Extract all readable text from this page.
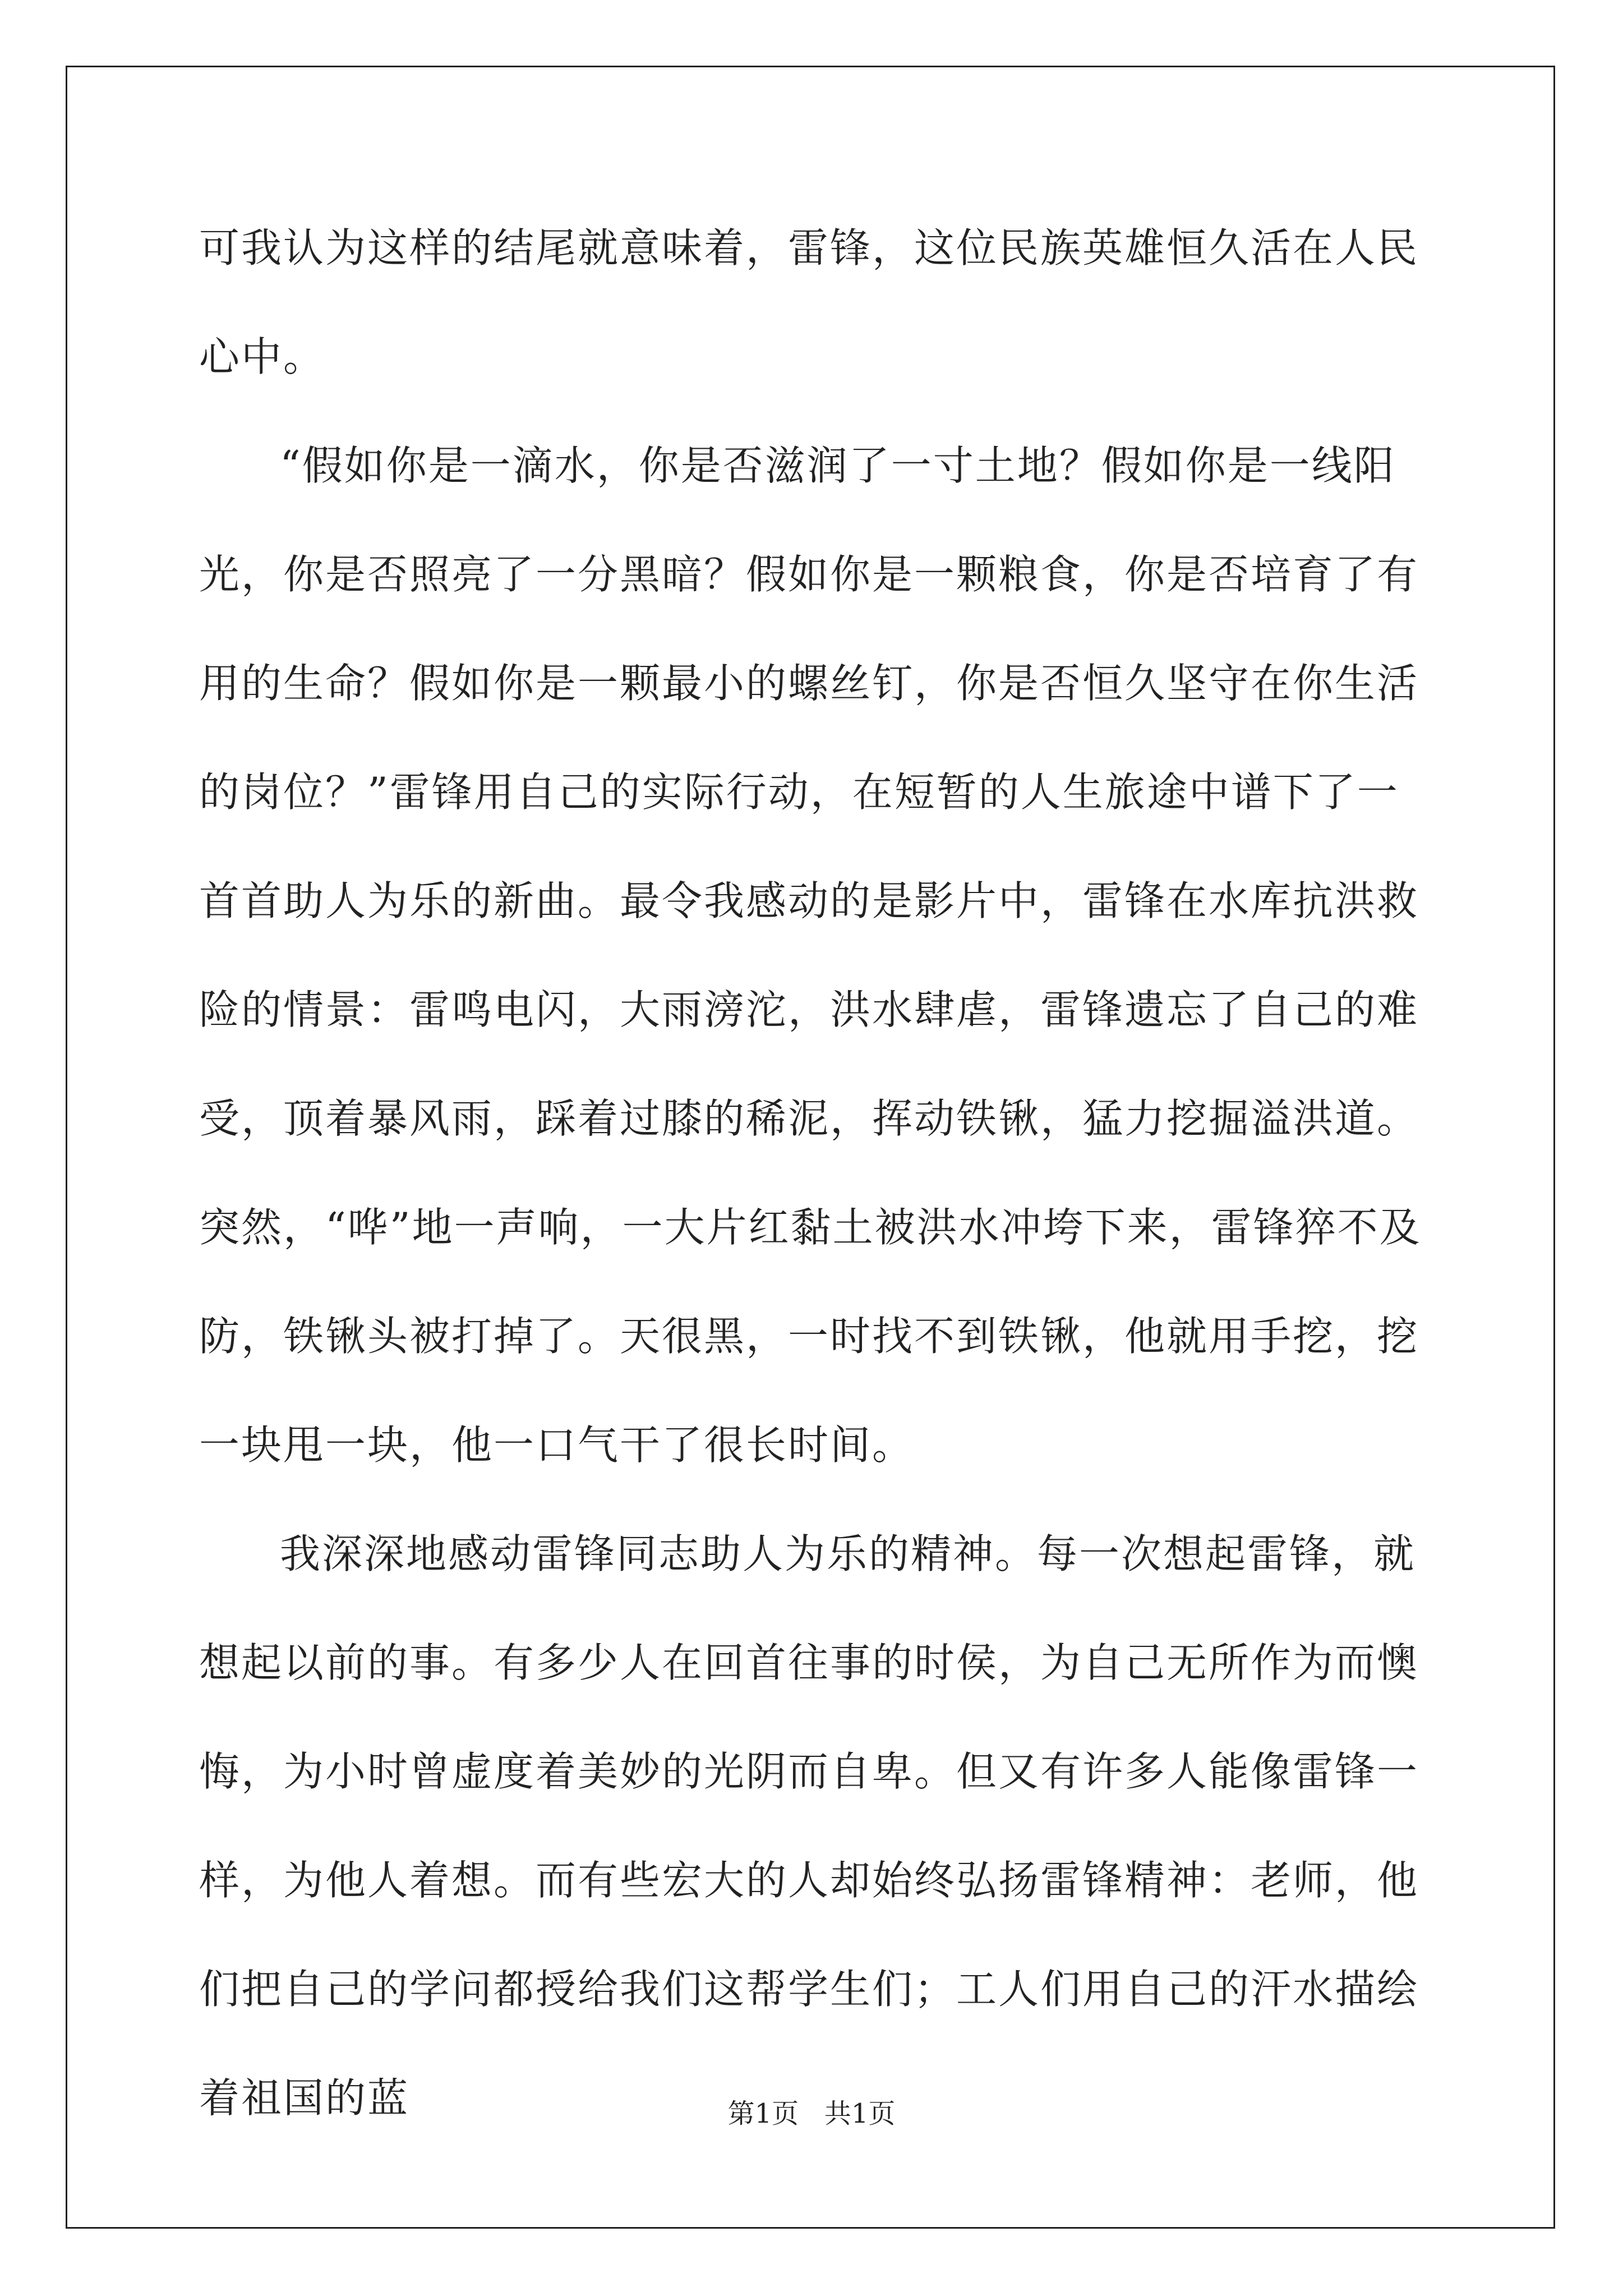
可我认为这样的结尾就意味着，雷锋，这位民族英雄恒久活在人民心中。

“假如你是一滴水，你是否滋润了一寸土地？假如你是一线阳光，你是否照亮了一分黑暗？假如你是一颗粮食，你是否培育了有用的生命？假如你是一颗最小的螺丝钉，你是否恒久坚守在你生活的岗位？”雷锋用自己的实际行动，在短暂的人生旅途中谱下了一首首助人为乐的新曲。最令我感动的是影片中，雷锋在水库抗洪救险的情景：雷鸣电闪，大雨滂沱，洪水肆虐，雷锋遗忘了自己的难受，顶着暴风雨，踩着过膝的稀泥，挥动铁锹，猛力挖掘溢洪道。突然，“哗”地一声响，一大片红黏土被洪水冲垮下来，雷锋猝不及防，铁锹头被打掉了。天很黑，一时找不到铁锹，他就用手挖，挖一块甩一块，他一口气干了很长时间。

我深深地感动雷锋同志助人为乐的精神。每一次想起雷锋，就想起以前的事。有多少人在回首往事的时侯，为自己无所作为而懊悔，为小时曾虚度着美妙的光阴而自卑。但又有许多人能像雷锋一样，为他人着想。而有些宏大的人却始终弘扬雷锋精神：老师，他们把自己的学问都授给我们这帮学生们；工人们用自己的汗水描绘着祖国的蓝	第1页   共1页
